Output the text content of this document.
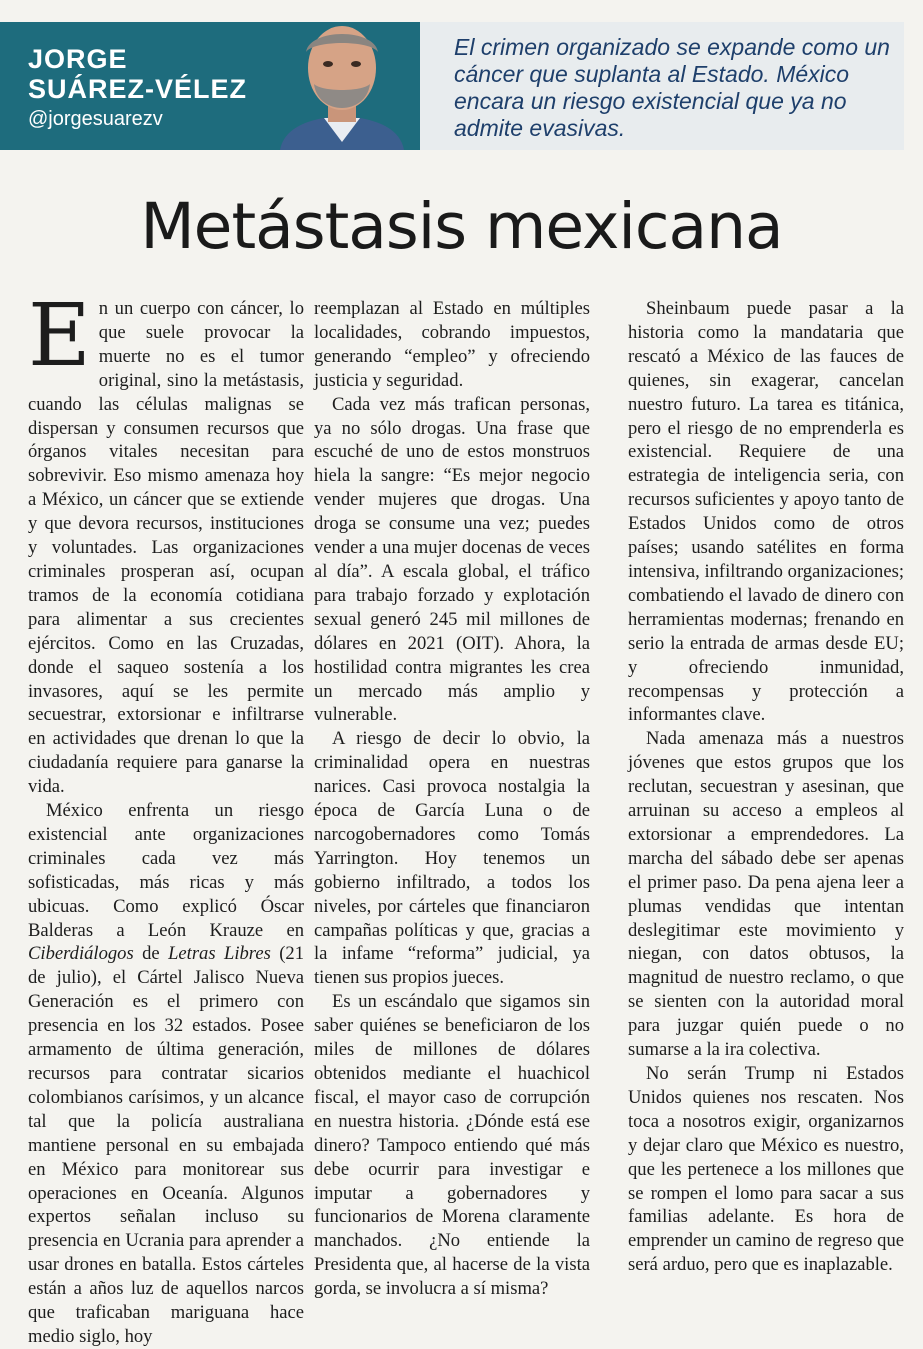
JORGE
SUÁREZ-VÉLEZ
@jorgesuarezv

El crimen organizado se expande como un cáncer que suplanta al Estado. México encara un riesgo existencial que ya no admite evasivas.

Metástasis mexicana

En un cuerpo con cáncer, lo que suele provocar la muerte no es el tumor original, sino la metástasis, cuando las células malignas se dispersan y consumen recursos que órganos vitales necesitan para sobrevivir. Eso mismo amenaza hoy a México, un cáncer que se extiende y que devora recursos, instituciones y voluntades. Las organizaciones criminales prosperan así, ocupan tramos de la economía cotidiana para alimentar a sus crecientes ejércitos. Como en las Cruzadas, donde el saqueo sostenía a los invasores, aquí se les permite secuestrar, extorsionar e infiltrarse en actividades que drenan lo que la ciudadanía requiere para ganarse la vida.

México enfrenta un riesgo existencial ante organizaciones criminales cada vez más sofisticadas, más ricas y más ubicuas. Como explicó Óscar Balderas a León Krauze en Ciberdiálogos de Letras Libres (21 de julio), el Cártel Jalisco Nueva Generación es el primero con presencia en los 32 estados. Posee armamento de última generación, recursos para contratar sicarios colombianos carísimos, y un alcance tal que la policía australiana mantiene personal en su embajada en México para monitorear sus operaciones en Oceanía. Algunos expertos señalan incluso su presencia en Ucrania para aprender a usar drones en batalla. Estos cárteles están a años luz de aquellos narcos que traficaban mariguana hace medio siglo, hoy

reemplazan al Estado en múltiples localidades, cobrando impuestos, generando “empleo” y ofreciendo justicia y seguridad.

Cada vez más trafican personas, ya no sólo drogas. Una frase que escuché de uno de estos monstruos hiela la sangre: “Es mejor negocio vender mujeres que drogas. Una droga se consume una vez; puedes vender a una mujer docenas de veces al día”. A escala global, el tráfico para trabajo forzado y explotación sexual generó 245 mil millones de dólares en 2021 (OIT). Ahora, la hostilidad contra migrantes les crea un mercado más amplio y vulnerable.

A riesgo de decir lo obvio, la criminalidad opera en nuestras narices. Casi provoca nostalgia la época de García Luna o de narcogobernadores como Tomás Yarrington. Hoy tenemos un gobierno infiltrado, a todos los niveles, por cárteles que financiaron campañas políticas y que, gracias a la infame “reforma” judicial, ya tienen sus propios jueces.

Es un escándalo que sigamos sin saber quiénes se beneficiaron de los miles de millones de dólares obtenidos mediante el huachicol fiscal, el mayor caso de corrupción en nuestra historia. ¿Dónde está ese dinero? Tampoco entiendo qué más debe ocurrir para investigar e imputar a gobernadores y funcionarios de Morena claramente manchados. ¿No entiende la Presidenta que, al hacerse de la vista gorda, se involucra a sí misma?

Sheinbaum puede pasar a la historia como la mandataria que rescató a México de las fauces de quienes, sin exagerar, cancelan nuestro futuro. La tarea es titánica, pero el riesgo de no emprenderla es existencial. Requiere de una estrategia de inteligencia seria, con recursos suficientes y apoyo tanto de Estados Unidos como de otros países; usando satélites en forma intensiva, infiltrando organizaciones; combatiendo el lavado de dinero con herramientas modernas; frenando en serio la entrada de armas desde EU; y ofreciendo inmunidad, recompensas y protección a informantes clave.

Nada amenaza más a nuestros jóvenes que estos grupos que los reclutan, secuestran y asesinan, que arruinan su acceso a empleos al extorsionar a emprendedores. La marcha del sábado debe ser apenas el primer paso. Da pena ajena leer a plumas vendidas que intentan deslegitimar este movimiento y niegan, con datos obtusos, la magnitud de nuestro reclamo, o que se sienten con la autoridad moral para juzgar quién puede o no sumarse a la ira colectiva.

No serán Trump ni Estados Unidos quienes nos rescaten. Nos toca a nosotros exigir, organizarnos y dejar claro que México es nuestro, que les pertenece a los millones que se rompen el lomo para sacar a sus familias adelante. Es hora de emprender un camino de regreso que será arduo, pero que es inaplazable.
